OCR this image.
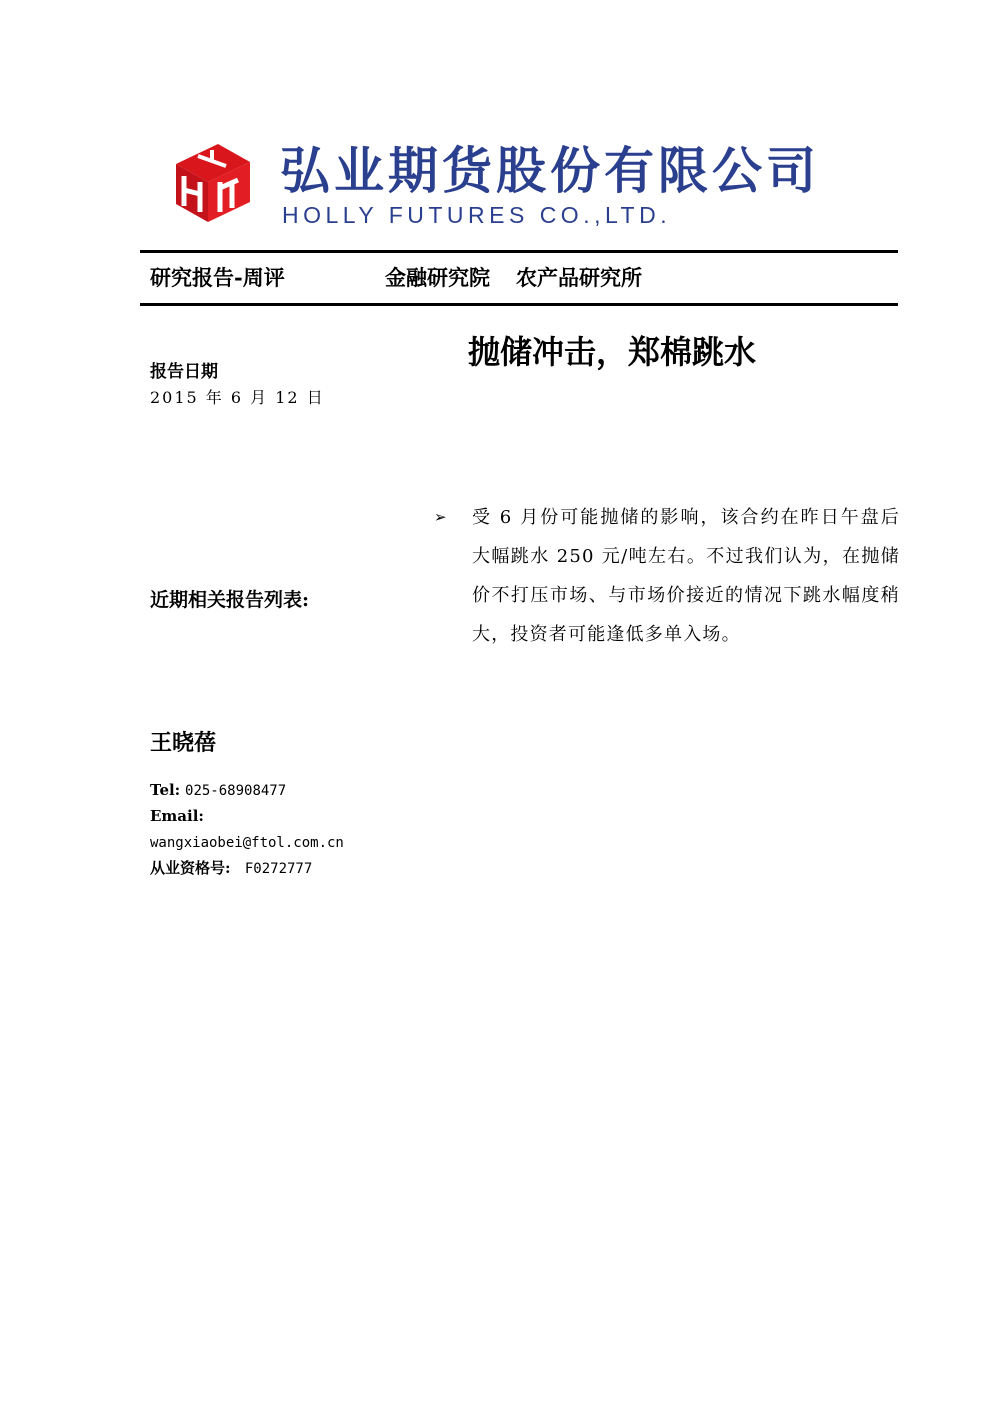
弘业期货股份有限公司
HOLLY FUTURES CO.,LTD.
研究报告-周评	金融研究院 农产品研究所
抛储冲击，郑棉跳水
报告日期
2015 年 6 月 12 日
➢ 受 6 月份可能抛储的影响，该合约在昨日午盘后大幅跳水 250 元/吨左右。不过我们认为，在抛储价不打压市场、与市场价接近的情况下跳水幅度稍大，投资者可能逢低多单入场。
近期相关报告列表:
王晓蓓
Tel: 025-68908477
Email:
wangxiaobei@ftol.com.cn
从业资格号: F0272777
